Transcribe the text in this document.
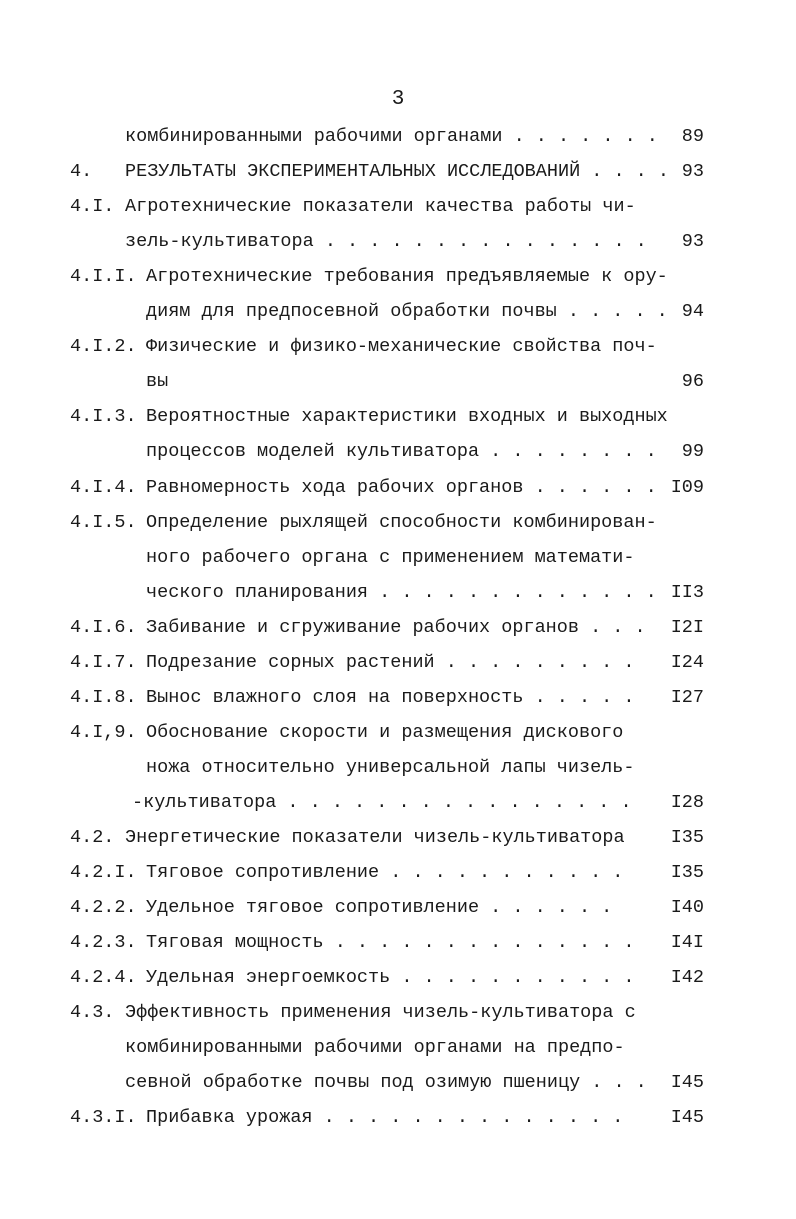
3
комбинированными рабочими органами . . . . . . . 89
4. РЕЗУЛЬТАТЫ ЭКСПЕРИМЕНТАЛЬНЫХ ИССЛЕДОВАНИЙ . . . . 93
4.I. Агротехнические показатели качества работы чи-
зель-культиватора . . . . . . . . . . . . . . . 93
4.I.I. Агротехнические требования предъявляемые к ору-
диям для предпосевной обработки почвы . . . . . 94
4.I.2. Физические и физико-механические свойства поч-
вы	96
4.I.3. Вероятностные характеристики входных и выходных
процессов моделей культиватора . . . . . . . . 99
4.I.4. Равномерность хода рабочих органов . . . . . . I09
4.I.5. Определение рыхлящей способности комбинирован-
ного рабочего органа с применением математи-
ческого планирования . . . . . . . . . . . . . II3
4.I.6. Забивание и сгруживание рабочих органов . . . I2I
4.I.7. Подрезание сорных растений . . . . . . . . . I24
4.I.8. Вынос влажного слоя на поверхность . . . . . I27
4.I,9. Обоснование скорости и размещения дискового
ножа относительно универсальной лапы чизель-
-культиватора . . . . . . . . . . . . . . . . I28
4.2. Энергетические показатели чизель-культиватора I35
4.2.I. Тяговое сопротивление . . . . . . . . . . .	I35
4.2.2. Удельное тяговое сопротивление . . . . . .	I40
4.2.3. Тяговая мощность . . . . . . . . . . . . . . I4I
4.2.4. Удельная энергоемкость . . . . . . . . . . . I42
4.3. Эффективность применения чизель-культиватора с
комбинированными рабочими органами на предпо-
севной обработке почвы под озимую пшеницу . . . I45
4.3.I. Прибавка урожая . . . . . . . . . . . . . .	I45
